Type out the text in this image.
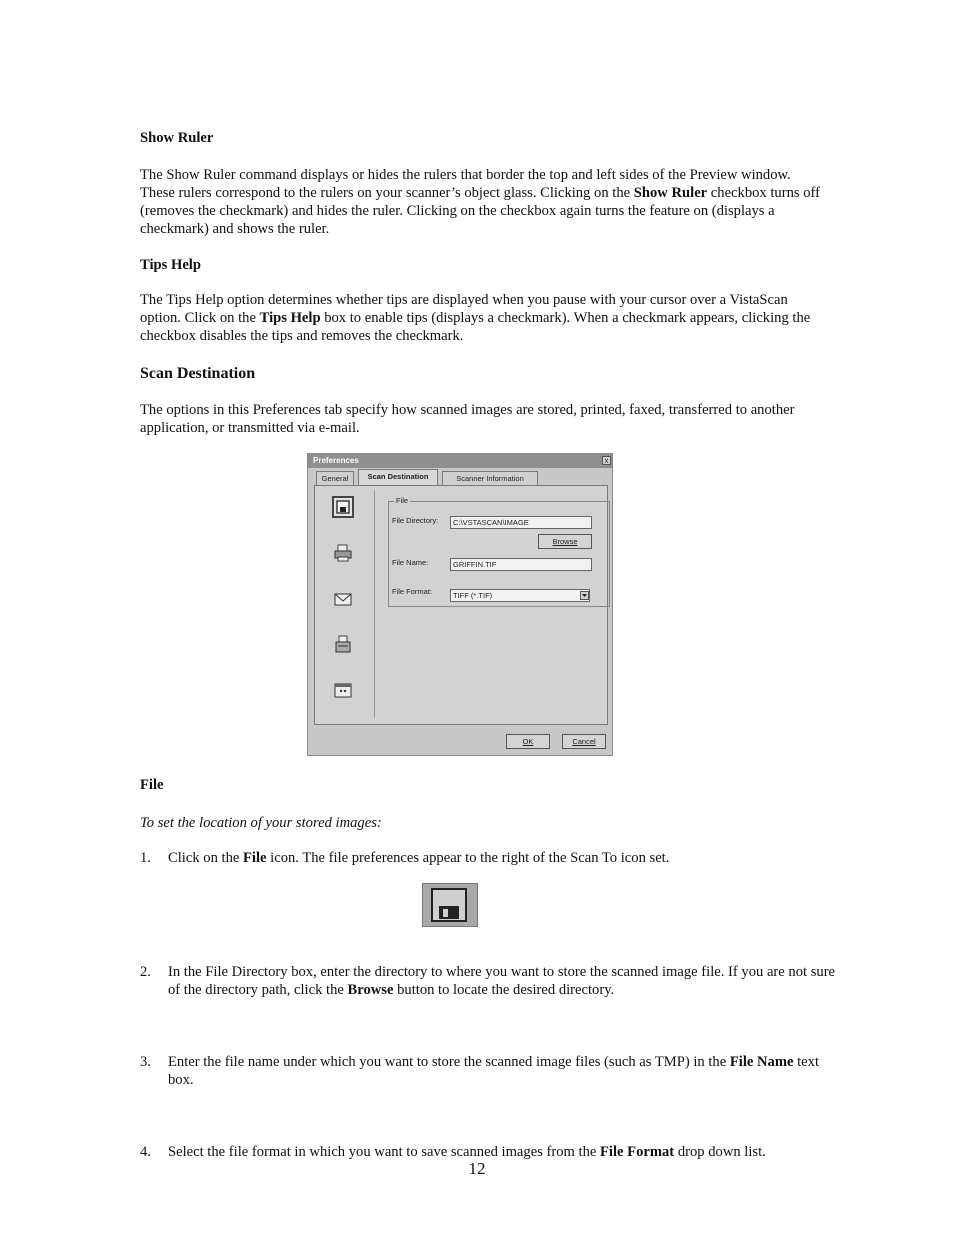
Show Ruler
The Show Ruler command displays or hides the rulers that border the top and left sides of the Preview window. These rulers correspond to the rulers on your scanner’s object glass. Clicking on the Show Ruler checkbox turns off (removes the checkmark) and hides the ruler. Clicking on the checkbox again turns the feature on (displays a checkmark) and shows the ruler.
Tips Help
The Tips Help option determines whether tips are displayed when you pause with your cursor over a VistaScan option. Click on the Tips Help box to enable tips (displays a checkmark). When a checkmark appears, clicking the checkbox disables the tips and removes the checkmark.
Scan Destination
The options in this Preferences tab specify how scanned images are stored, printed, faxed, transferred to another application, or transmitted via e-mail.
Preferences	x
General	Scan Destination	Scanner Information
File
File Directory:	C:\VSTASCAN\IMAGE
Browse
File Name:	GRIFFIN.TIF
File Format:	TIFF (*.TIF)
OK	Cancel
File
To set the location of your stored images:
1. Click on the File icon. The file preferences appear to the right of the Scan To icon set.
2. In the File Directory box, enter the directory to where you want to store the scanned image file. If you are not sure of the directory path, click the Browse button to locate the desired directory.
3. Enter the file name under which you want to store the scanned image files (such as TMP) in the File Name text box.
4. Select the file format in which you want to save scanned images from the File Format drop down list.
12
